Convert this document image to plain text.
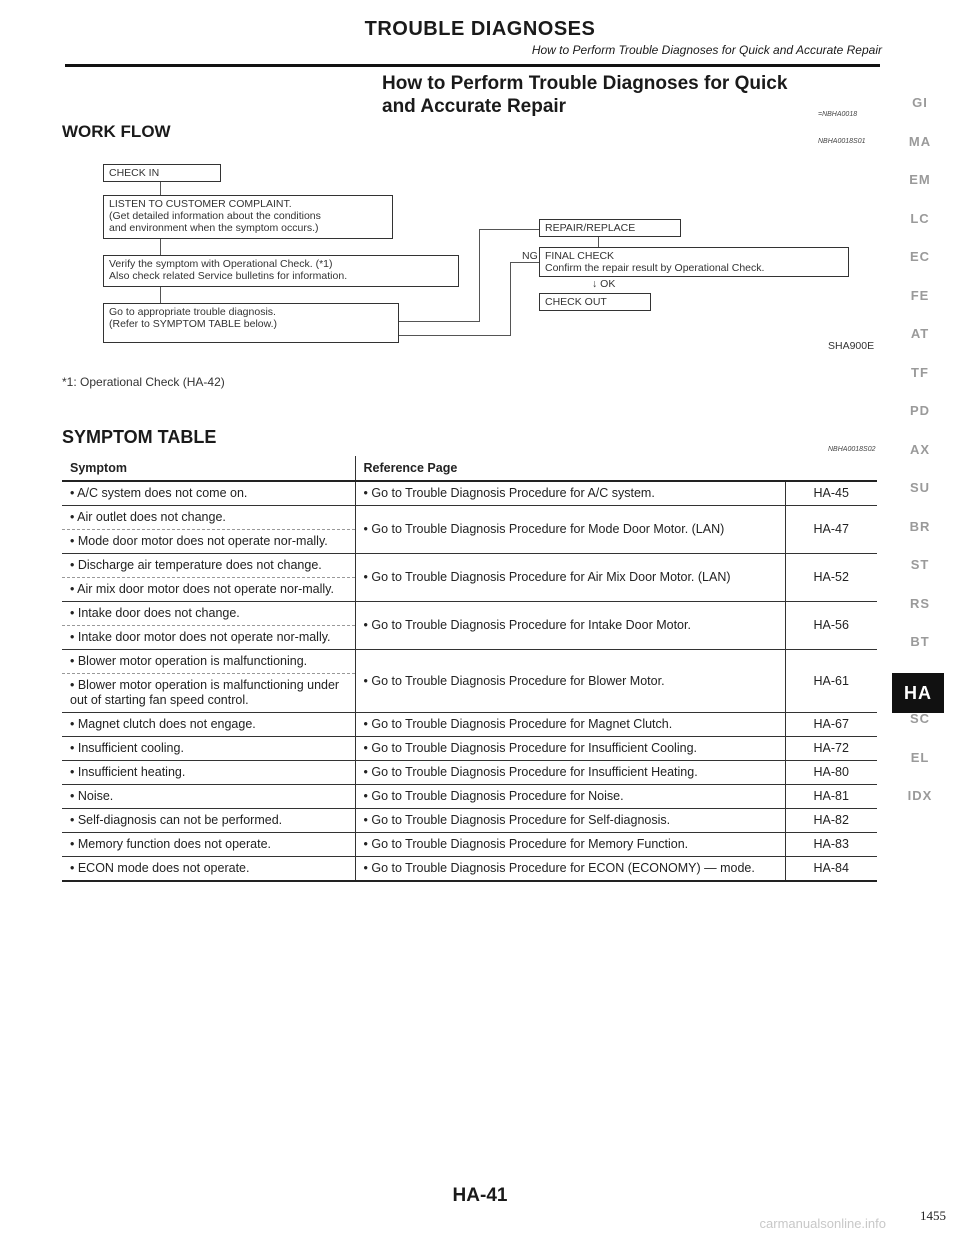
TROUBLE DIAGNOSES
How to Perform Trouble Diagnoses for Quick and Accurate Repair
How to Perform Trouble Diagnoses for Quick
and Accurate Repair	=NBHA0018
NBHA0018S01
WORK FLOW
CHECK IN
LISTEN TO CUSTOMER COMPLAINT.
(Get detailed information about the conditions
and environment when the symptom occurs.)
Verify the symptom with Operational Check. (*1)
Also check related Service bulletins for information.
Go to appropriate trouble diagnosis.
(Refer to SYMPTOM TABLE below.)
REPAIR/REPLACE
NG FINAL CHECK
Confirm the repair result by Operational Check.
↓ OK
CHECK OUT
SHA900E
*1: Operational Check (HA-42)
SYMPTOM TABLE
NBHA0018S02
Symptom	Reference Page	
• A/C system does not come on.	• Go to Trouble Diagnosis Procedure for A/C system.	HA-45
• Air outlet does not change.	• Go to Trouble Diagnosis Procedure for Mode Door Motor. (LAN)	HA-47
• Mode door motor does not operate nor-mally.		
• Discharge air temperature does not change.	• Go to Trouble Diagnosis Procedure for Air Mix Door Motor. (LAN)	HA-52
• Air mix door motor does not operate nor-mally.		
• Intake door does not change.	• Go to Trouble Diagnosis Procedure for Intake Door Motor.	HA-56
• Intake door motor does not operate nor-mally.		
• Blower motor operation is malfunctioning.	• Go to Trouble Diagnosis Procedure for Blower Motor.	HA-61
• Blower motor operation is malfunctioning under out of starting fan speed control.		
• Magnet clutch does not engage.	• Go to Trouble Diagnosis Procedure for Magnet Clutch.	HA-67
• Insufficient cooling.	• Go to Trouble Diagnosis Procedure for Insufficient Cooling.	HA-72
• Insufficient heating.	• Go to Trouble Diagnosis Procedure for Insufficient Heating.	HA-80
• Noise.	• Go to Trouble Diagnosis Procedure for Noise.	HA-81
• Self-diagnosis can not be performed.	• Go to Trouble Diagnosis Procedure for Self-diagnosis.	HA-82
• Memory function does not operate.	• Go to Trouble Diagnosis Procedure for Memory Function.	HA-83
• ECON mode does not operate.	• Go to Trouble Diagnosis Procedure for ECON (ECONOMY) — mode.	HA-84
GI
MA
EM
LC
EC
FE
AT
TF
PD
AX
SU
BR
ST
RS
BT
HA
SC
EL
IDX
HA-41
carmanualsonline.info
1455
